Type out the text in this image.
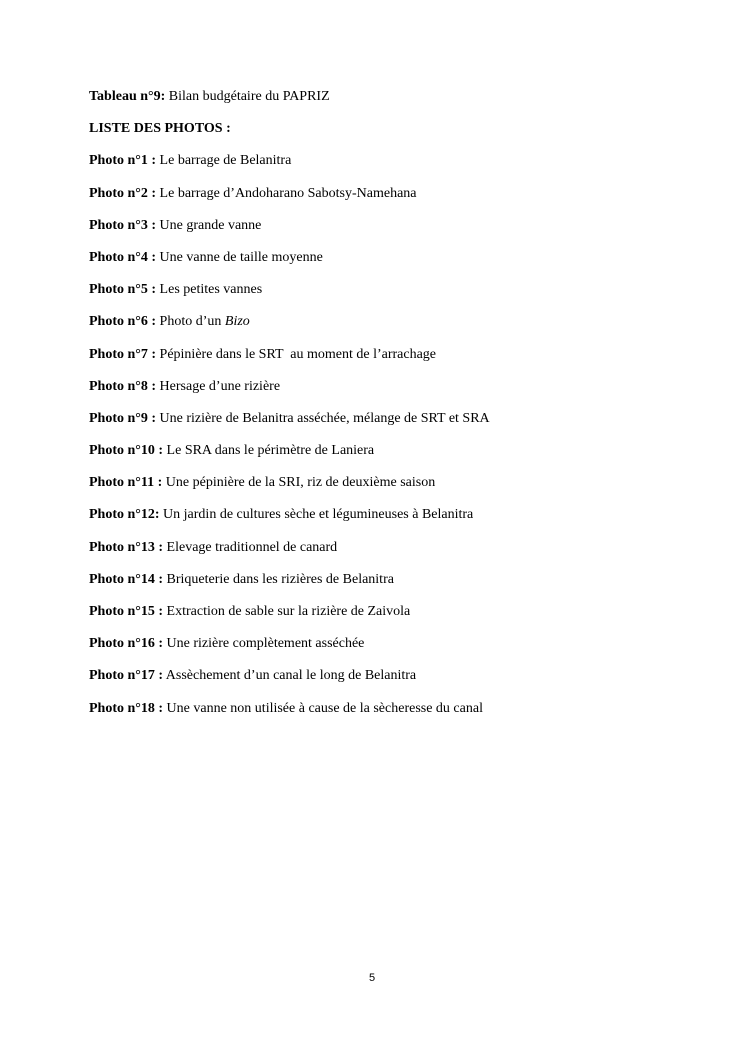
Tableau n°9: Bilan budgétaire du PAPRIZ
LISTE DES PHOTOS :
Photo n°1 : Le barrage de Belanitra
Photo n°2 : Le barrage d’Andoharano Sabotsy-Namehana
Photo n°3 : Une grande vanne
Photo n°4 : Une vanne de taille moyenne
Photo n°5 : Les petites vannes
Photo n°6 : Photo d’un Bizo
Photo n°7 : Pépinière dans le SRT  au moment de l’arrachage
Photo n°8 : Hersage d’une rizière
Photo n°9 : Une rizière de Belanitra asséchée, mélange de SRT et SRA
Photo n°10 : Le SRA dans le périmètre de Laniera
Photo n°11 : Une pépinière de la SRI, riz de deuxième saison
Photo n°12: Un jardin de cultures sèche et légumineuses à Belanitra
Photo n°13 : Elevage traditionnel de canard
Photo n°14 : Briqueterie dans les rizières de Belanitra
Photo n°15 : Extraction de sable sur la rizière de Zaivola
Photo n°16 : Une rizière complètement asséchée
Photo n°17 : Assèchement d’un canal le long de Belanitra
Photo n°18 : Une vanne non utilisée à cause de la sècheresse du canal
5
